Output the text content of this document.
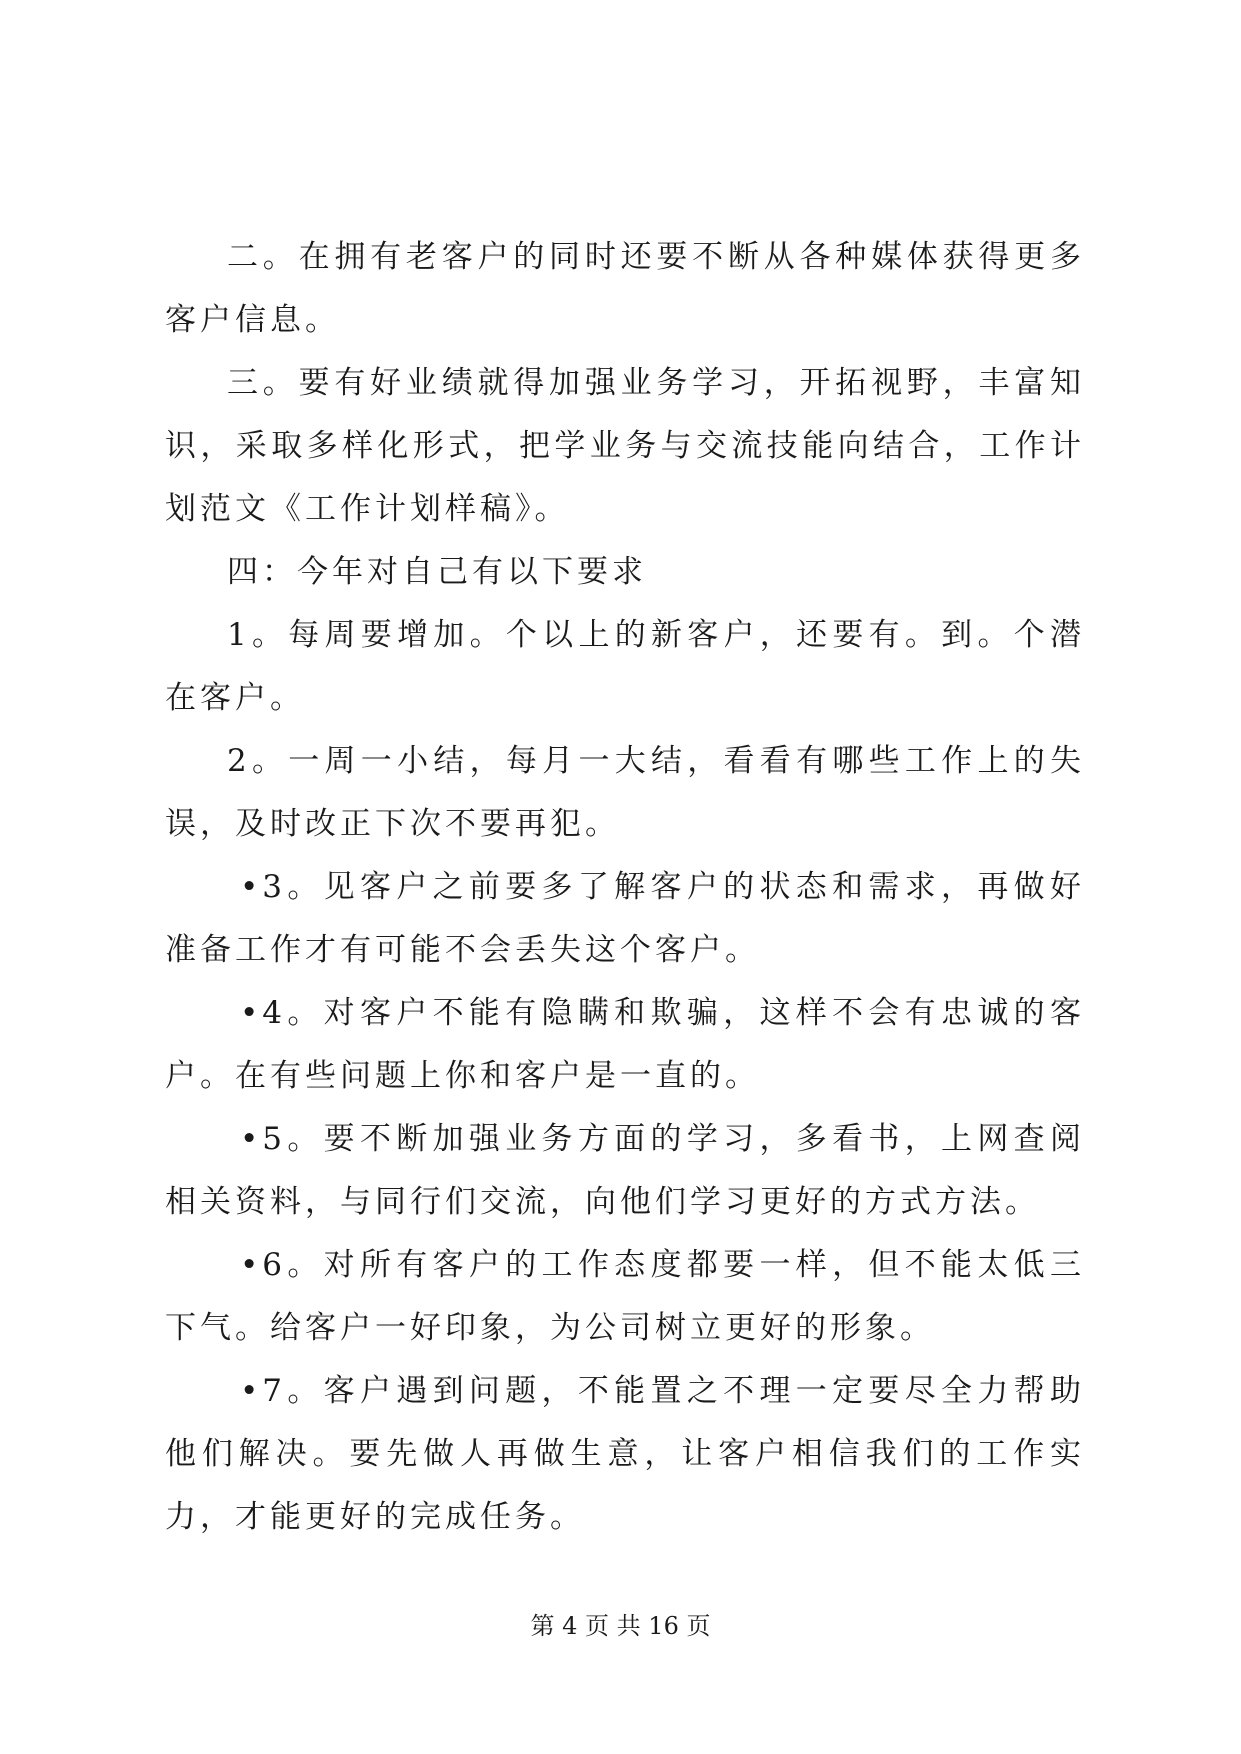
二。在拥有老客户的同时还要不断从各种媒体获得更多客户信息。

三。要有好业绩就得加强业务学习，开拓视野，丰富知识，采取多样化形式，把学业务与交流技能向结合，工作计划范文《工作计划样稿》。

四：今年对自己有以下要求

1。每周要增加。个以上的新客户，还要有。到。个潜在客户。

2。一周一小结，每月一大结，看看有哪些工作上的失误，及时改正下次不要再犯。

•3。见客户之前要多了解客户的状态和需求，再做好准备工作才有可能不会丢失这个客户。

•4。对客户不能有隐瞒和欺骗，这样不会有忠诚的客户。在有些问题上你和客户是一直的。

•5。要不断加强业务方面的学习，多看书，上网查阅相关资料，与同行们交流，向他们学习更好的方式方法。

•6。对所有客户的工作态度都要一样，但不能太低三下气。给客户一好印象，为公司树立更好的形象。

•7。客户遇到问题，不能置之不理一定要尽全力帮助他们解决。要先做人再做生意，让客户相信我们的工作实力，才能更好的完成任务。

第 4 页 共 16 页
